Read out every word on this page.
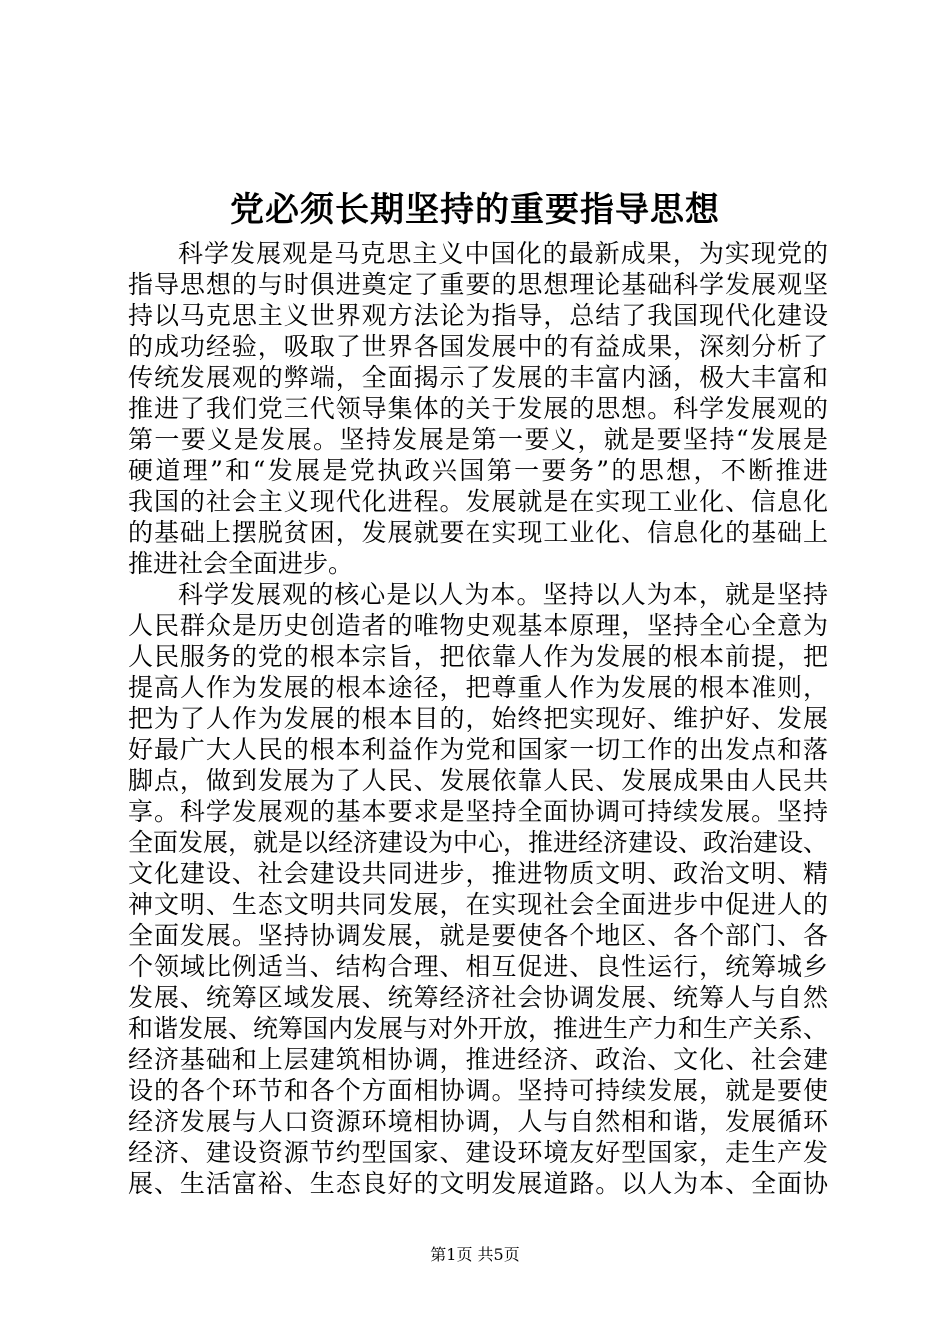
党必须长期坚持的重要指导思想
科学发展观是马克思主义中国化的最新成果，为实现党的
指导思想的与时俱进奠定了重要的思想理论基础科学发展观坚
持以马克思主义世界观方法论为指导，总结了我国现代化建设
的成功经验，吸取了世界各国发展中的有益成果，深刻分析了
传统发展观的弊端，全面揭示了发展的丰富内涵，极大丰富和
推进了我们党三代领导集体的关于发展的思想。科学发展观的
第一要义是发展。坚持发展是第一要义，就是要坚持“发展是
硬道理”和“发展是党执政兴国第一要务”的思想，不断推进
我国的社会主义现代化进程。发展就是在实现工业化、信息化
的基础上摆脱贫困，发展就要在实现工业化、信息化的基础上
推进社会全面进步。
科学发展观的核心是以人为本。坚持以人为本，就是坚持
人民群众是历史创造者的唯物史观基本原理，坚持全心全意为
人民服务的党的根本宗旨，把依靠人作为发展的根本前提，把
提高人作为发展的根本途径，把尊重人作为发展的根本准则，
把为了人作为发展的根本目的，始终把实现好、维护好、发展
好最广大人民的根本利益作为党和国家一切工作的出发点和落
脚点，做到发展为了人民、发展依靠人民、发展成果由人民共
享。科学发展观的基本要求是坚持全面协调可持续发展。坚持
全面发展，就是以经济建设为中心，推进经济建设、政治建设、
文化建设、社会建设共同进步，推进物质文明、政治文明、精
神文明、生态文明共同发展，在实现社会全面进步中促进人的
全面发展。坚持协调发展，就是要使各个地区、各个部门、各
个领域比例适当、结构合理、相互促进、良性运行，统筹城乡
发展、统筹区域发展、统筹经济社会协调发展、统筹人与自然
和谐发展、统筹国内发展与对外开放，推进生产力和生产关系、
经济基础和上层建筑相协调，推进经济、政治、文化、社会建
设的各个环节和各个方面相协调。坚持可持续发展，就是要使
经济发展与人口资源环境相协调，人与自然相和谐，发展循环
经济、建设资源节约型国家、建设环境友好型国家，走生产发
展、生活富裕、生态良好的文明发展道路。以人为本、全面协
第1页 共5页
